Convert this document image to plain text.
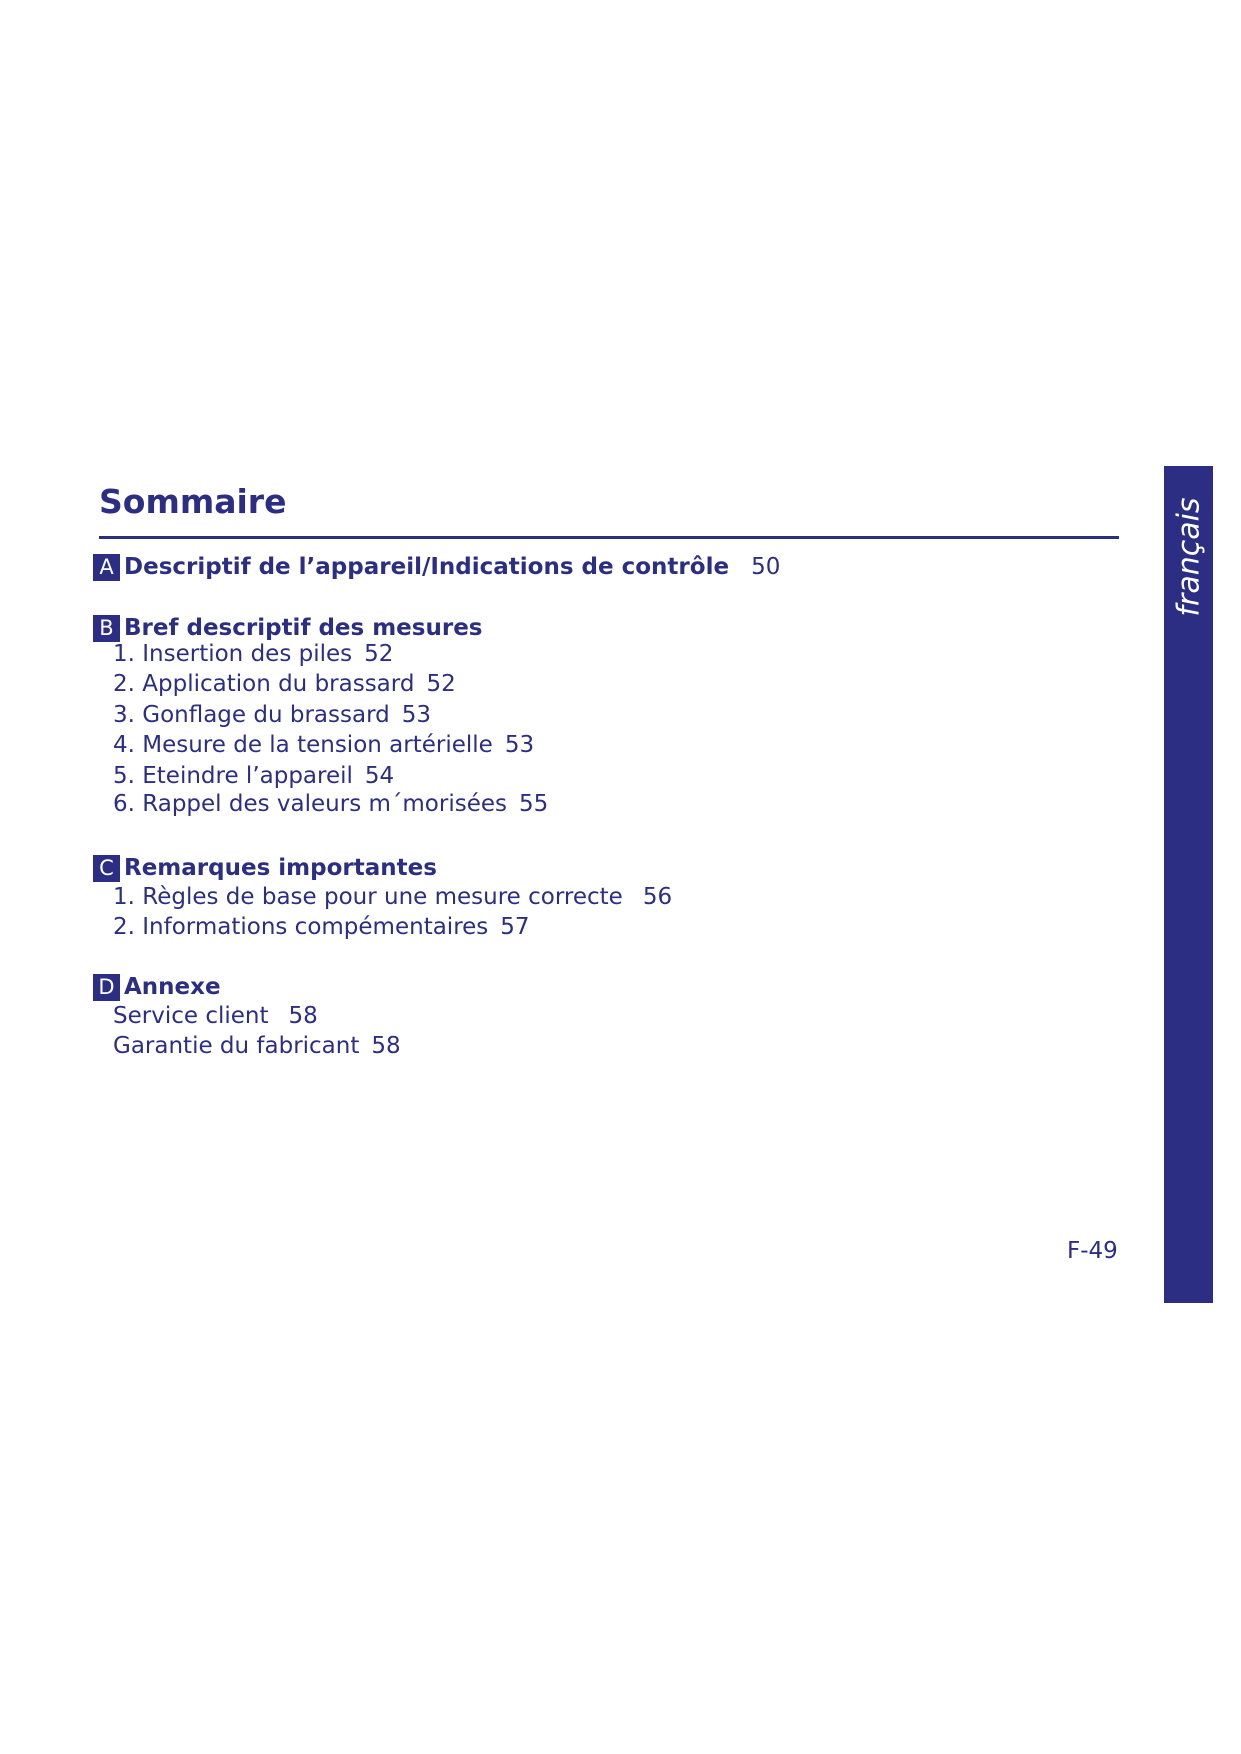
Sommaire	français
A Descriptif de l’appareil/Indications de contrôle 50
B Bref descriptif des mesures
1. Insertion des piles 52
2. Application du brassard 52
3. Gonflage du brassard 53
4. Mesure de la tension artérielle 53
5. Eteindre l’appareil 54
6. Rappel des valeurs m´morisées 55
C Remarques importantes
1. Règles de base pour une mesure correcte 56
2. Informations compémentaires 57
D Annexe
Service client 58
Garantie du fabricant 58
F-49
